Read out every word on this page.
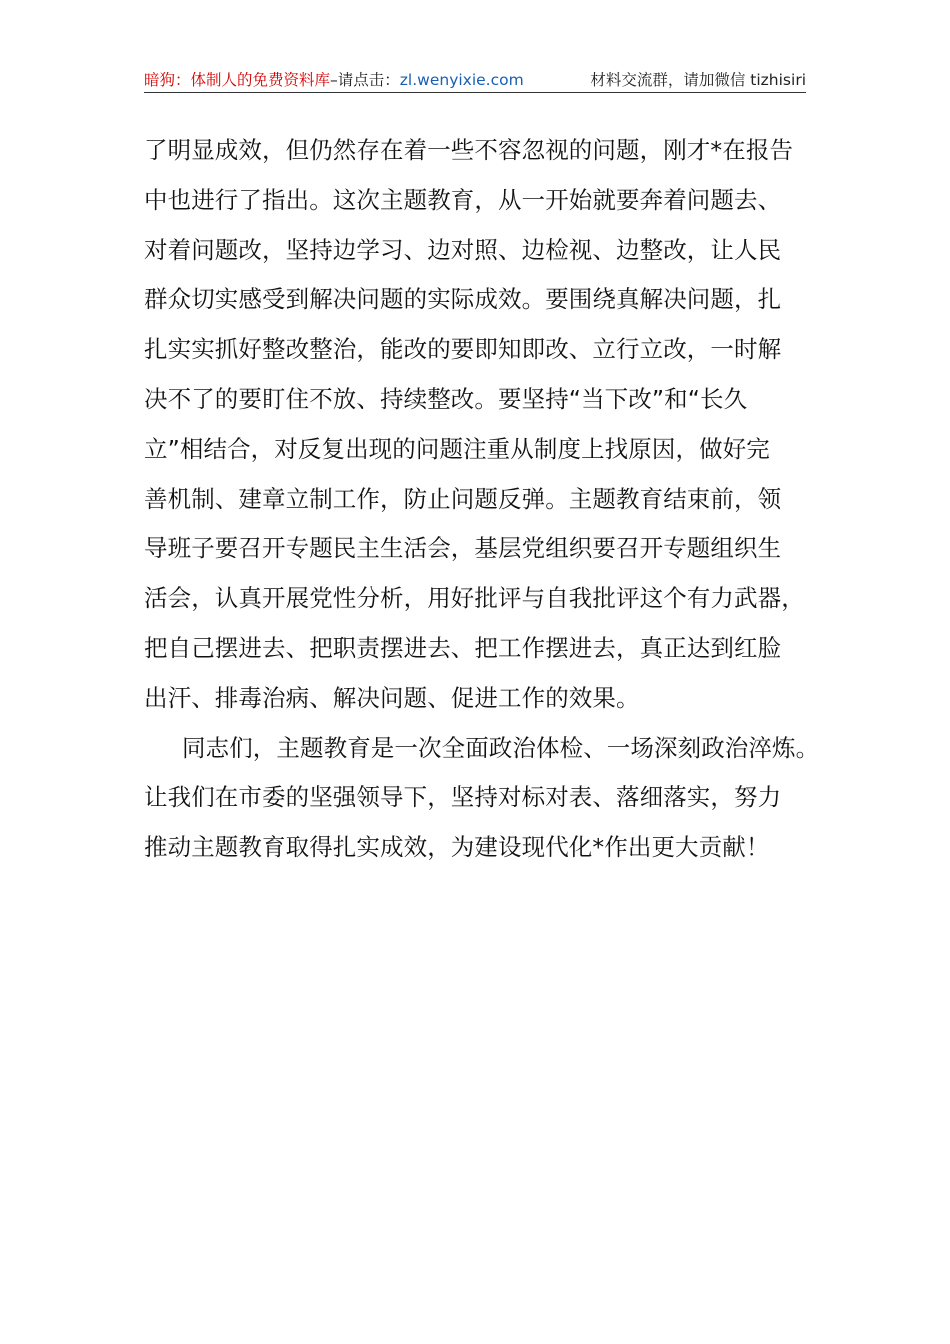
暗狗：体制人的免费资料库–请点击：zl.wenyixie.com	材料交流群，请加微信 tizhisiri
了明显成效，但仍然存在着一些不容忽视的问题，刚才*在报告
中也进行了指出。这次主题教育，从一开始就要奔着问题去、
对着问题改，坚持边学习、边对照、边检视、边整改，让人民
群众切实感受到解决问题的实际成效。要围绕真解决问题，扎
扎实实抓好整改整治，能改的要即知即改、立行立改，一时解
决不了的要盯住不放、持续整改。要坚持“当下改”和“长久
立”相结合，对反复出现的问题注重从制度上找原因，做好完
善机制、建章立制工作，防止问题反弹。主题教育结束前，领
导班子要召开专题民主生活会，基层党组织要召开专题组织生
活会，认真开展党性分析，用好批评与自我批评这个有力武器，
把自己摆进去、把职责摆进去、把工作摆进去，真正达到红脸
出汗、排毒治病、解决问题、促进工作的效果。
同志们，主题教育是一次全面政治体检、一场深刻政治淬炼。
让我们在市委的坚强领导下，坚持对标对表、落细落实，努力
推动主题教育取得扎实成效，为建设现代化*作出更大贡献！
